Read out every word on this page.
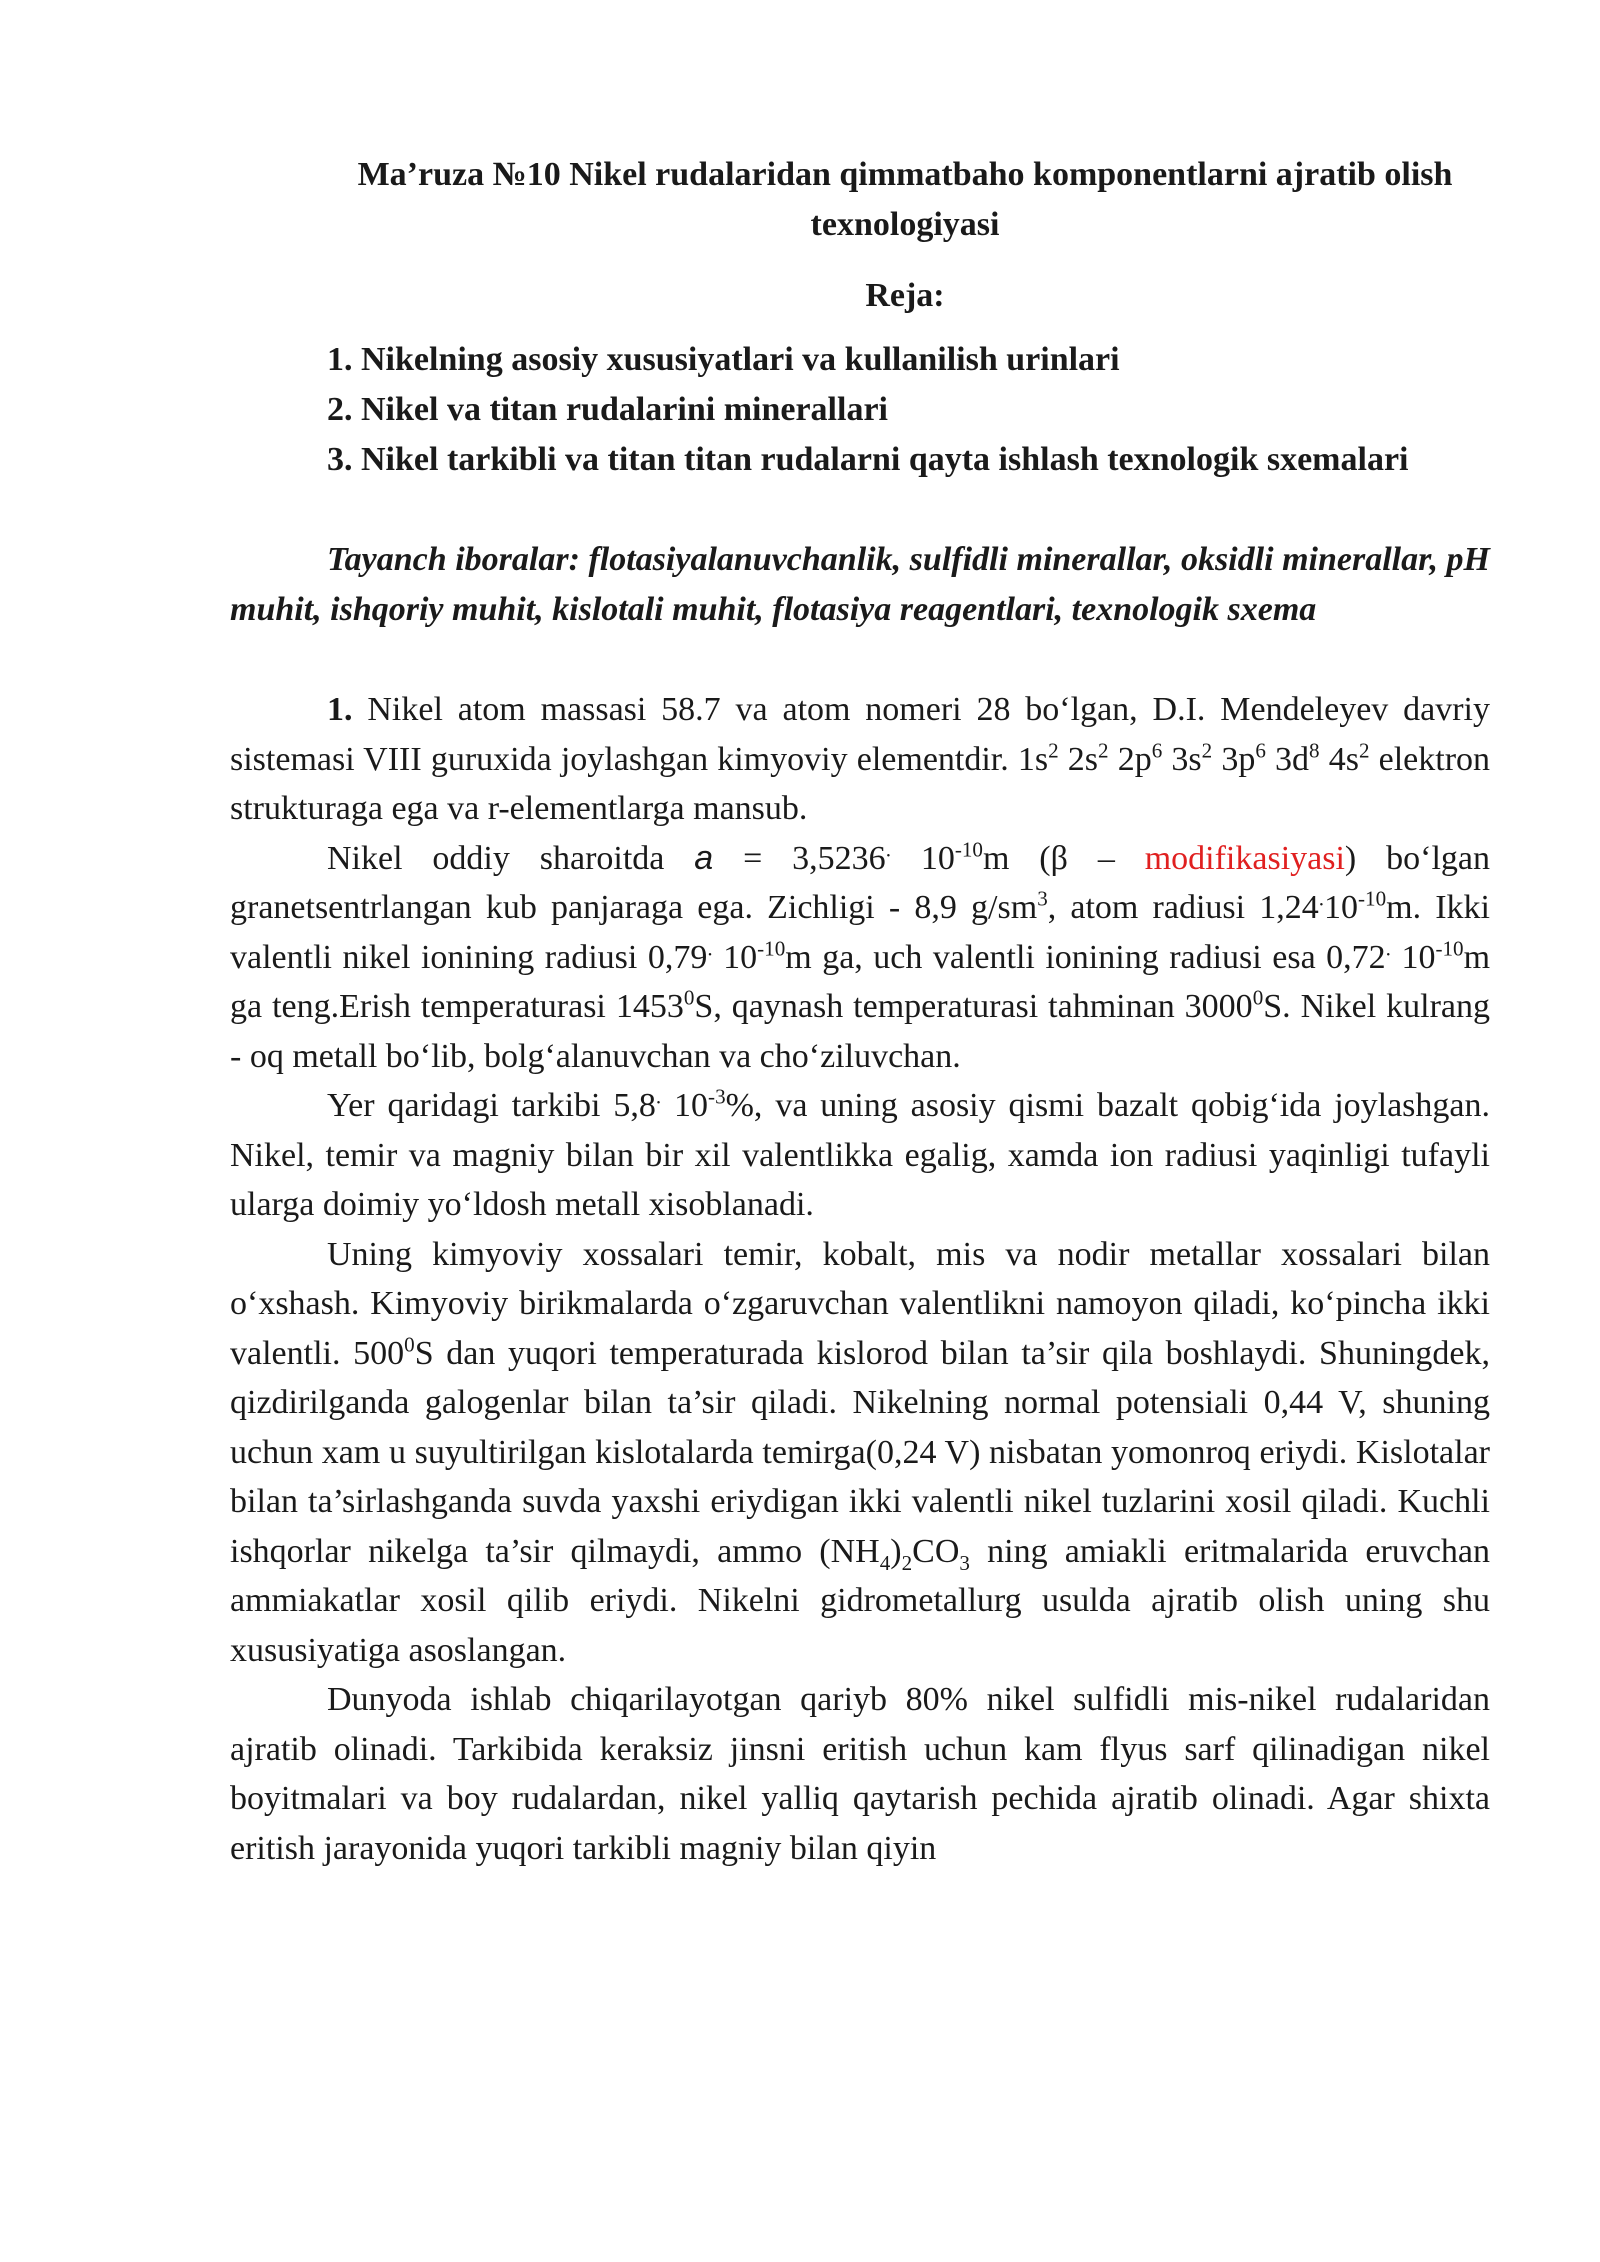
Ma’ruza №10 Nikel rudalaridan qimmatbaho komponentlarni ajratib olish texnologiyasi
Reja:

1. Nikelning asosiy xususiyatlari va kullanilish urinlari

2. Nikel va titan rudalarini minerallari

3. Nikel tarkibli va titan titan rudalarni qayta ishlash texnologik sxemalari

Tayanch iboralar: flotasiyalanuvchanlik, sulfidli minerallar, oksidli minerallar, pH muhit, ishqoriy muhit, kislotali muhit, flotasiya reagentlari, texnologik sxema

1. Nikel atom massasi 58.7 va atom nomeri 28 bo‘lgan, D.I. Mendeleyev davriy sistemasi VIII guruxida joylashgan kimyoviy elementdir. $1s^2$ $2s^2$ $2p^6$ $3s^2$ $3p^6$ $3d^8$ $4s^2$ elektron strukturaga ega va r-elementlarga mansub.

Nikel oddiy sharoitda a = 3,5236. $10^{-10}m$ (β – modifikasiyasi) bo‘lgan granetsentrlangan kub panjaraga ega. Zichligi - 8,9 $g/sm^3$, atom radiusi $1,24^.10^{-10}m$. Ikki valentli nikel ionining radiusi 0,79. $10^{-10}m$ ga, uch valentli ionining radiusi esa 0,72. $10^{-10}m$ ga teng.Erish temperaturasi 1453$^0$S, qaynash temperaturasi tahminan 3000$^0$S. Nikel kulrang - oq metall bo‘lib, bolg‘alanuvchan va cho‘ziluvchan.

Yer qaridagi tarkibi 5,8. $10^{-3}\%$, va uning asosiy qismi bazalt qobig‘ida joylashgan. Nikel, temir va magniy bilan bir xil valentlikka egalig, xamda ion radiusi yaqinligi tufayli ularga doimiy yo‘ldosh metall xisoblanadi.

Uning kimyoviy xossalari temir, kobalt, mis va nodir metallar xossalari bilan o‘xshash. Kimyoviy birikmalarda o‘zgaruvchan valentlikni namoyon qiladi, ko‘pincha ikki valentli. $500^0S$ dan yuqori temperaturada kislorod bilan ta’sir qila boshlaydi. Shuningdek, qizdirilganda galogenlar bilan ta’sir qiladi. Nikelning normal potensiali 0,44 V, shuning uchun xam u suyultirilgan kislotalarda temirga(0,24 V) nisbatan yomonroq eriydi. Kislotalar bilan ta’sirlashganda suvda yaxshi eriydigan ikki valentli nikel tuzlarini xosil qiladi. Kuchli ishqorlar nikelga ta’sir qilmaydi, ammo $(NH_4)_2CO_3$ ning amiakli eritmalarida eruvchan ammiakatlar xosil qilib eriydi. Nikelni gidrometallurg usulda ajratib olish uning shu xususiyatiga asoslangan.

Dunyoda ishlab chiqarilayotgan qariyb 80% nikel sulfidli mis-nikel rudalaridan ajratib olinadi. Tarkibida keraksiz jinsni eritish uchun kam flyus sarf qilinadigan nikel boyitmalari va boy rudalardan, nikel yalliq qaytarish pechida ajratib olinadi. Agar shixta eritish jarayonida yuqori tarkibli magniy bilan qiyin
